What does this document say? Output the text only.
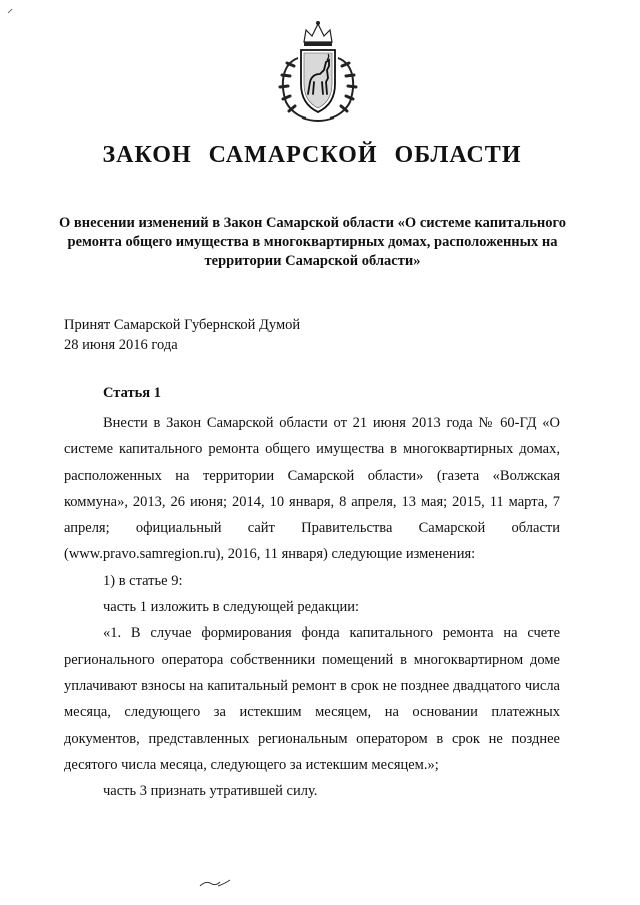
ЗАКОН САМАРСКОЙ ОБЛАСТИ
О внесении изменений в Закон Самарской области «О системе капитального ремонта общего имущества в многоквартирных домах, расположенных на территории Самарской области»
Принят Самарской Губернской Думой
28 июня 2016 года
Статья 1

Внести в Закон Самарской области от 21 июня 2013 года № 60-ГД «О системе капитального ремонта общего имущества в многоквартирных домах, расположенных на территории Самарской области» (газета «Волжская коммуна», 2013, 26 июня; 2014, 10 января, 8 апреля, 13 мая; 2015, 11 марта, 7 апреля; официальный сайт Правительства Самарской области (www.pravo.samregion.ru), 2016, 11 января) следующие изменения:

1) в статье 9:

часть 1 изложить в следующей редакции:

«1. В случае формирования фонда капитального ремонта на счете регионального оператора собственники помещений в многоквартирном доме уплачивают взносы на капитальный ремонт в срок не позднее двадцатого числа месяца, следующего за истекшим месяцем, на основании платежных документов, представленных региональным оператором в срок не позднее десятого числа месяца, следующего за истекшим месяцем.»;

часть 3 признать утратившей силу.
